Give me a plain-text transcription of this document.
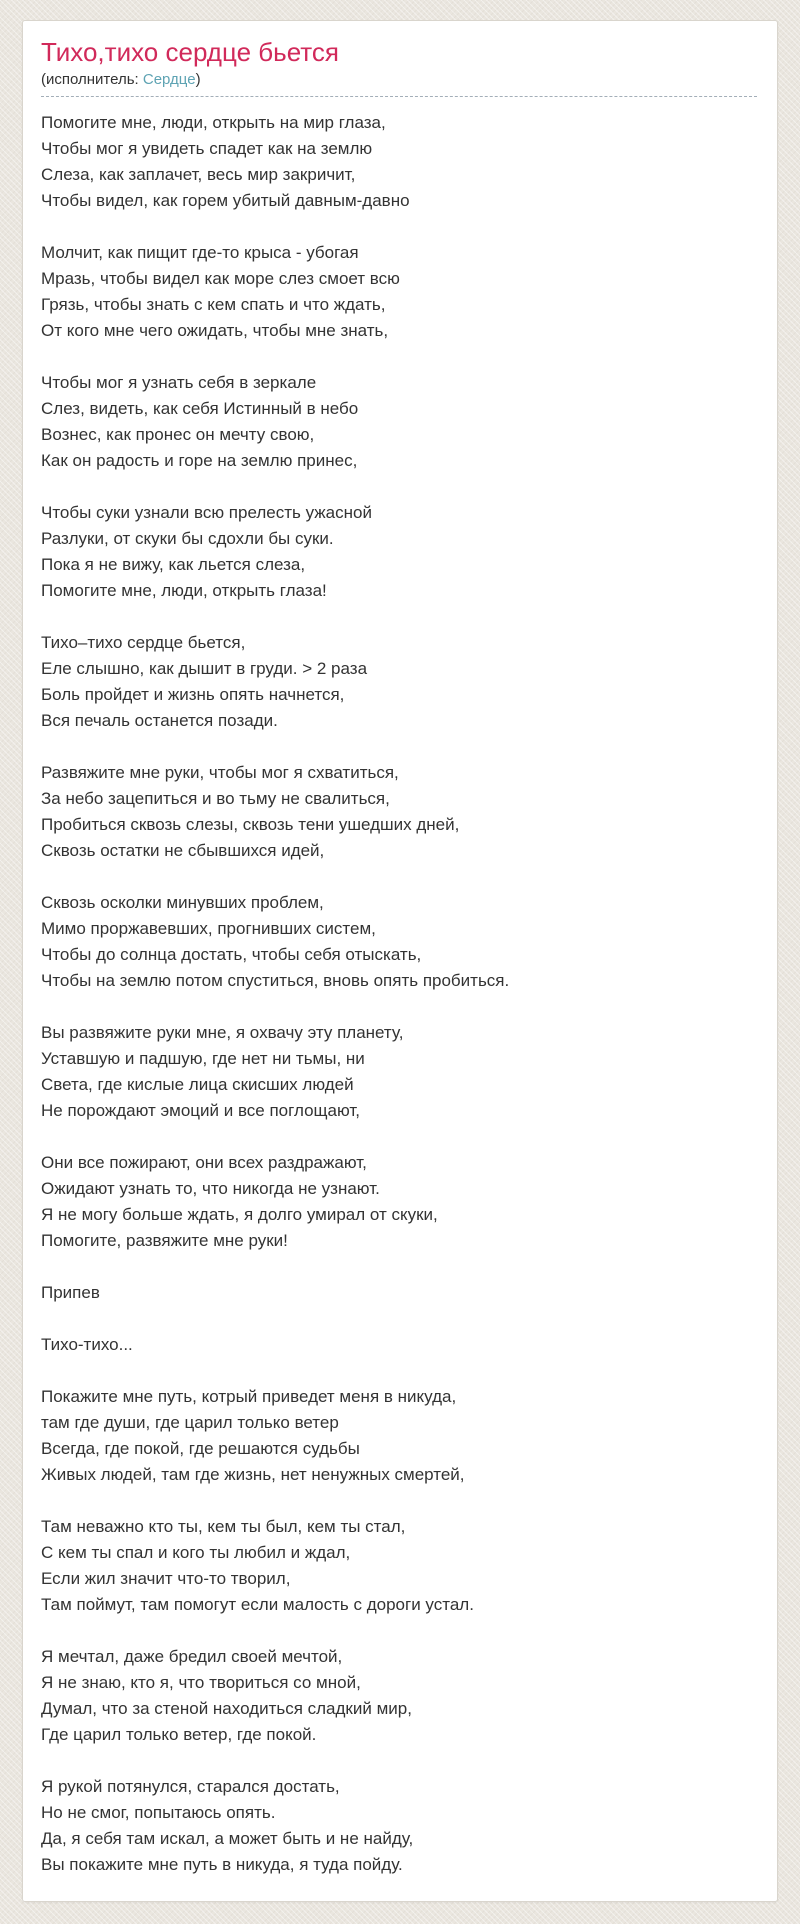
Тихо,тихо сердце бьется
(исполнитель: Сердце)
Помогите мне, люди, открыть на мир глаза,
Чтобы мог я увидеть спадет как на землю
Слеза, как заплачет, весь мир закричит,
Чтобы видел, как горем убитый давным-давно
Молчит, как пищит где-то крыса - убогая
Мразь, чтобы видел как море слез смоет всю
Грязь, чтобы знать с кем спать и что ждать,
От кого мне чего ожидать, чтобы мне знать,
Чтобы мог я узнать себя в зеркале
Слез, видеть, как себя Истинный в небо
Вознес, как пронес он мечту свою,
Как он радость и горе на землю принес,
Чтобы суки узнали всю прелесть ужасной
Разлуки, от скуки бы сдохли бы суки.
Пока я не вижу, как льется слеза,
Помогите мне, люди, открыть глаза!
Тихо–тихо сердце бьется,
Еле слышно, как дышит в груди. > 2 раза
Боль пройдет и жизнь опять начнется,
Вся печаль останется позади.
Развяжите мне руки, чтобы мог я схватиться,
За небо зацепиться и во тьму не свалиться,
Пробиться сквозь слезы, сквозь тени ушедших дней,
Сквозь остатки не сбывшихся идей,
Сквозь осколки минувших проблем,
Мимо проржавевших, прогнивших систем,
Чтобы до солнца достать, чтобы себя отыскать,
Чтобы на землю потом спуститься, вновь опять пробиться.
Вы развяжите руки мне, я охвачу эту планету,
Уставшую и падшую, где нет ни тьмы, ни
Света, где кислые лица скисших людей
Не порождают эмоций и все поглощают,
Они все пожирают, они всех раздражают,
Ожидают узнать то, что никогда не узнают.
Я не могу больше ждать, я долго умирал от скуки,
Помогите, развяжите мне руки!
Припев
Тихо-тихо...
Покажите мне путь, котрый приведет меня в никуда,
там где души, где царил только ветер
Всегда, где покой, где решаются судьбы
Живых людей, там где жизнь, нет ненужных смертей,
Там неважно кто ты, кем ты был, кем ты стал,
С кем ты спал и кого ты любил и ждал,
Если жил значит что-то творил,
Там поймут, там помогут если малость с дороги устал.
Я мечтал, даже бредил своей мечтой,
Я не знаю, кто я, что твориться со мной,
Думал, что за стеной находиться сладкий мир,
Где царил только ветер, где покой.
Я рукой потянулся, старался достать,
Но не смог, попытаюсь опять.
Да, я себя там искал, а может быть и не найду,
Вы покажите мне путь в никуда, я туда пойду.
